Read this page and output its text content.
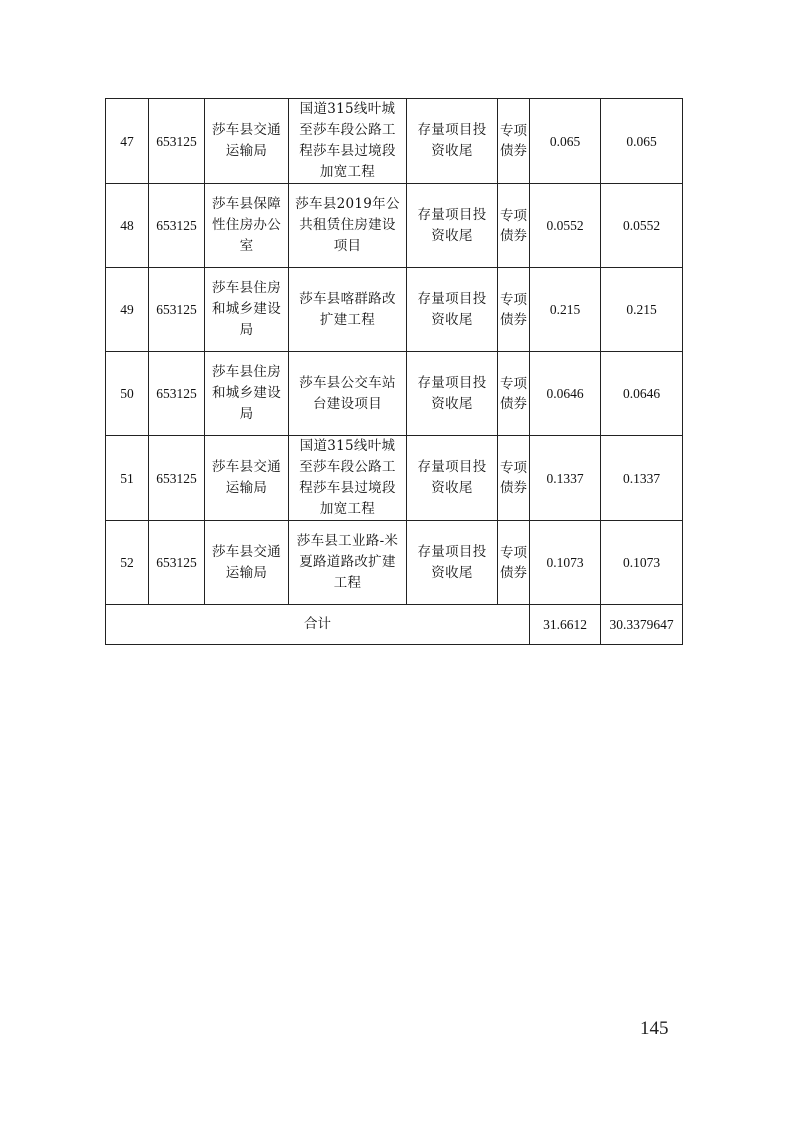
47	653125	莎车县交通运输局	国道315线叶城至莎车段公路工程莎车县过境段加宽工程	存量项目投资收尾	专项债券	0.065	0.065
48	653125	莎车县保障性住房办公室	莎车县2019年公共租赁住房建设项目	存量项目投资收尾	专项债券	0.0552	0.0552
49	653125	莎车县住房和城乡建设局	莎车县喀群路改扩建工程	存量项目投资收尾	专项债券	0.215	0.215
50	653125	莎车县住房和城乡建设局	莎车县公交车站台建设项目	存量项目投资收尾	专项债券	0.0646	0.0646
51	653125	莎车县交通运输局	国道315线叶城至莎车段公路工程莎车县过境段加宽工程	存量项目投资收尾	专项债券	0.1337	0.1337
52	653125	莎车县交通运输局	莎车县工业路-米夏路道路改扩建工程	存量项目投资收尾	专项债券	0.1073	0.1073
合计						31.6612	30.3379647
145
